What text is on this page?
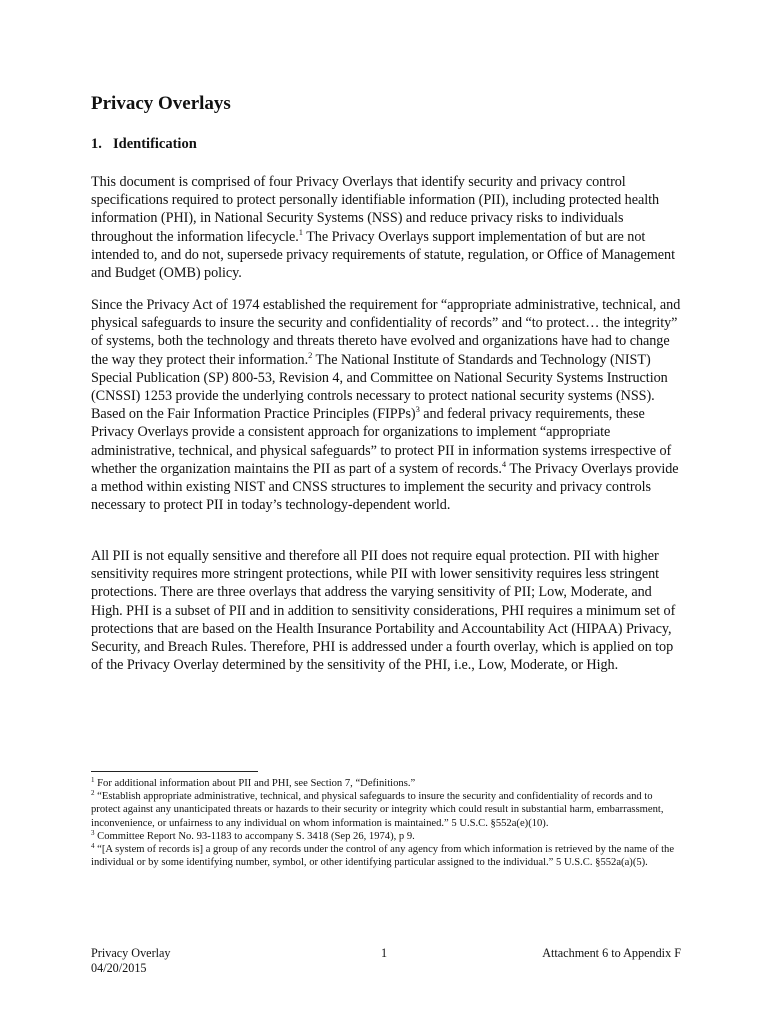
Privacy Overlays
1. Identification

This document is comprised of four Privacy Overlays that identify security and privacy control specifications required to protect personally identifiable information (PII), including protected health information (PHI), in National Security Systems (NSS) and reduce privacy risks to individuals throughout the information lifecycle.$^1$ The Privacy Overlays support implementation of but are not intended to, and do not, supersede privacy requirements of statute, regulation, or Office of Management and Budget (OMB) policy.

Since the Privacy Act of 1974 established the requirement for “appropriate administrative, technical, and physical safeguards to insure the security and confidentiality of records” and “to protect… the integrity” of systems, both the technology and threats thereto have evolved and organizations have had to change the way they protect their information.$^2$ The National Institute of Standards and Technology (NIST) Special Publication (SP) 800-53, Revision 4, and Committee on National Security Systems Instruction (CNSSI) 1253 provide the underlying controls necessary to protect national security systems (NSS). Based on the Fair Information Practice Principles (FIPPs)$^3$ and federal privacy requirements, these Privacy Overlays provide a consistent approach for organizations to implement “appropriate administrative, technical, and physical safeguards” to protect PII in information systems irrespective of whether the organization maintains the PII as part of a system of records.$^4$ The Privacy Overlays provide a method within existing NIST and CNSS structures to implement the security and privacy controls necessary to protect PII in today’s technology-dependent world.

All PII is not equally sensitive and therefore all PII does not require equal protection. PII with higher sensitivity requires more stringent protections, while PII with lower sensitivity requires less stringent protections. There are three overlays that address the varying sensitivity of PII; Low, Moderate, and High. PHI is a subset of PII and in addition to sensitivity considerations, PHI requires a minimum set of protections that are based on the Health Insurance Portability and Accountability Act (HIPAA) Privacy, Security, and Breach Rules. Therefore, PHI is addressed under a fourth overlay, which is applied on top of the Privacy Overlay determined by the sensitivity of the PHI, i.e., Low, Moderate, or High.

$^1$ For additional information about PII and PHI, see Section 7, “Definitions.”

$^2$ “Establish appropriate administrative, technical, and physical safeguards to insure the security and confidentiality of records and to protect against any unanticipated threats or hazards to their security or integrity which could result in substantial harm, embarrassment, inconvenience, or unfairness to any individual on whom information is maintained.” 5 U.S.C. §552a(e)(10).

$^3$ Committee Report No. 93-1183 to accompany S. 3418 (Sep 26, 1974), p 9.

$^4$ “[A system of records is] a group of any records under the control of any agency from which information is retrieved by the name of the individual or by some identifying number, symbol, or other identifying particular assigned to the individual.” 5 U.S.C. §552a(a)(5).

Privacy Overlay
04/20/2015
1	Attachment 6 to Appendix F
